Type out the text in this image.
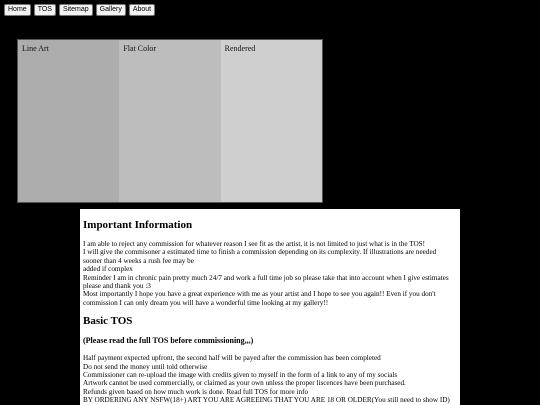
Home	TOS	Sitemap	Gallery	About
Line Art	Flat Color	Rendered
Important Information

I am able to reject any commission for whatever reason I see fit as the artist, it is not limited to just what is in the TOS!

I will give the commisoner a estimated time to finish a commission depending on its complexity. If illustrations are needed sooner than 4 weeks a rush fee may be

added if complex

Reminder I am in chronic pain pretty much 24/7 and work a full time job so please take that into account when I give estimates please and thank you :3

Most importantly I hope you have a great experience with me as your artist and I hope to see you again!! Even if you don't commission I can only dream you will have a wonderful time looking at my gallery!!

Basic TOS
(Please read the full TOS before commissioning,,,)

Half payment expected upfront, the second half will be payed after the commission has been completed

Do not send the money until told otherwise

Commissioner can re-upload the image with credits given to myself in the form of a link to any of my socials

Artwork cannot be used commercially, or claimed as your own unless the proper liscences have been purchased.

Refunds given based on how much work is done. Read full TOS for more info

BY ORDERING ANY NSFW(18+) ART YOU ARE AGREEING THAT YOU ARE 18 OR OLDER(You still need to show ID)
